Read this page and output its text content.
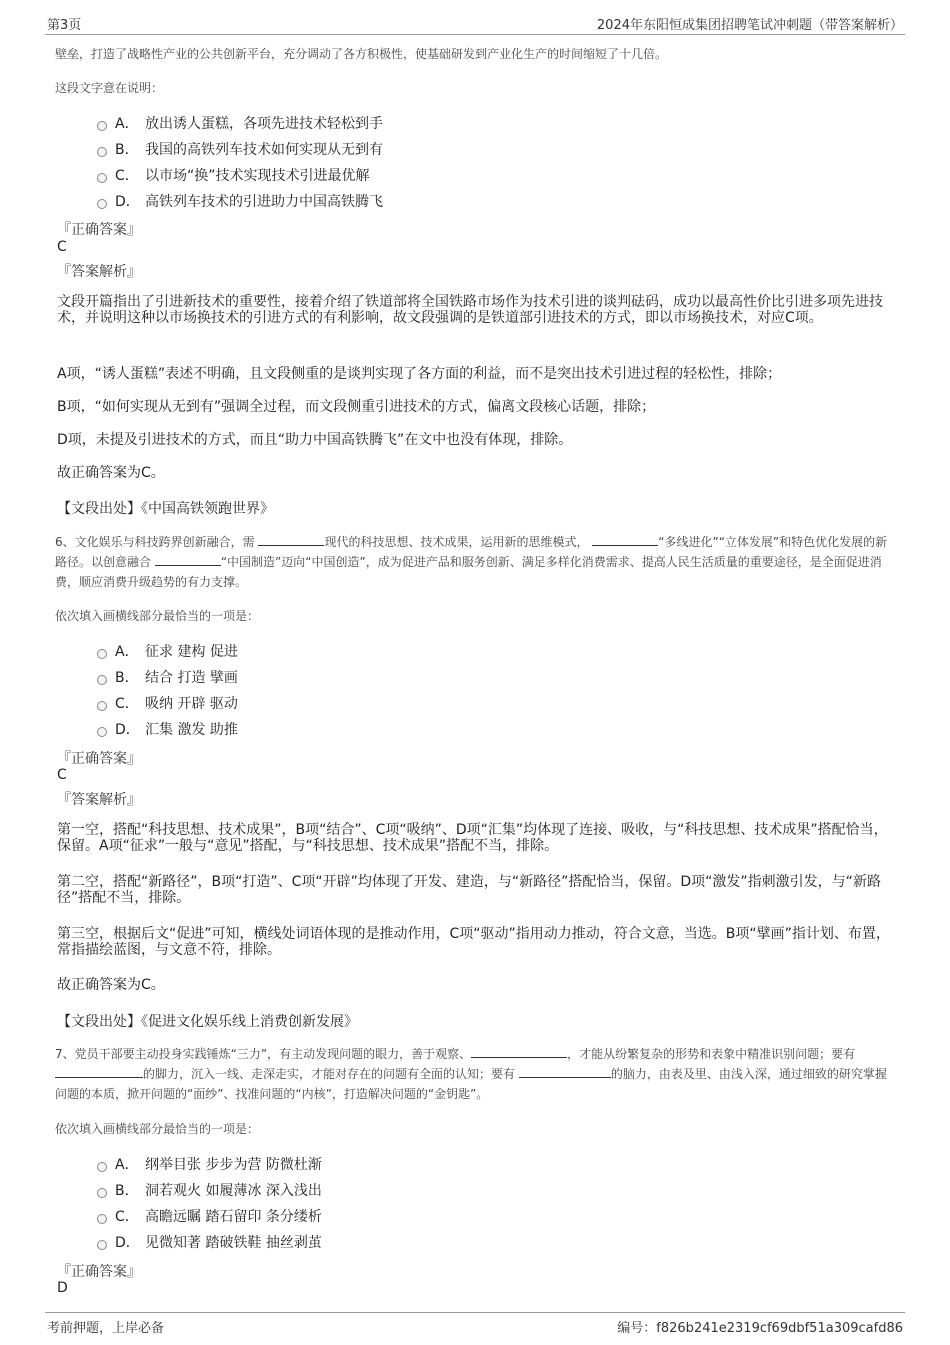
第3页	2024年东阳恒成集团招聘笔试冲刺题（带答案解析）
壁垒，打造了战略性产业的公共创新平台，充分调动了各方积极性，使基础研发到产业化生产的时间缩短了十几倍。
这段文字意在说明：
A． 放出诱人蛋糕，各项先进技术轻松到手
B． 我国的高铁列车技术如何实现从无到有
C． 以市场“换”技术实现技术引进最优解
D． 高铁列车技术的引进助力中国高铁腾飞
『正确答案』
C
『答案解析』
文段开篇指出了引进新技术的重要性，接着介绍了铁道部将全国铁路市场作为技术引进的谈判砝码，成功以最高性价比引进多项先进技术，并说明这种以市场换技术的引进方式的有利影响，故文段强调的是铁道部引进技术的方式，即以市场换技术，对应C项。
A项，“诱人蛋糕”表述不明确，且文段侧重的是谈判实现了各方面的利益，而不是突出技术引进过程的轻松性，排除；
B项，“如何实现从无到有”强调全过程，而文段侧重引进技术的方式，偏离文段核心话题，排除；
D项，未提及引进技术的方式，而且“助力中国高铁腾飞”在文中也没有体现，排除。
故正确答案为C。
【文段出处】《中国高铁领跑世界》
6、文化娱乐与科技跨界创新融合，需	现代的科技思想、技术成果，运用新的思维模式，	“多线进化”“立体发展”和特色优化发展的新路径。以创意融合	“中国制造”迈向“中国创造”，成为促进产品和服务创新、满足多样化消费需求、提高人民生活质量的重要途径，是全面促进消费，顺应消费升级趋势的有力支撑。
依次填入画横线部分最恰当的一项是：
A． 征求 建构 促进
B． 结合 打造 擘画
C． 吸纳 开辟 驱动
D． 汇集 激发 助推
『正确答案』
C
『答案解析』
第一空，搭配“科技思想、技术成果”，B项“结合”、C项“吸纳”、D项“汇集”均体现了连接、吸收，与“科技思想、技术成果”搭配恰当，保留。A项“征求”一般与“意见”搭配，与“科技思想、技术成果”搭配不当，排除。
第二空，搭配“新路径”，B项“打造”、C项“开辟”均体现了开发、建造，与“新路径”搭配恰当，保留。D项“激发”指刺激引发，与“新路径”搭配不当，排除。
第三空，根据后文“促进”可知，横线处词语体现的是推动作用，C项“驱动”指用动力推动，符合文意，当选。B项“擘画”指计划、布置，常指描绘蓝图，与文意不符，排除。
故正确答案为C。
【文段出处】《促进文化娱乐线上消费创新发展》
7、党员干部要主动投身实践锤炼“三力”，有主动发现问题的眼力，善于观察、	，才能从纷繁复杂的形势和表象中精准识别问题；要有 的脚力，沉入一线、走深走实，才能对存在的问题有全面的认知；要有	的脑力，由表及里、由浅入深，通过细致的研究掌握问题的本质，掀开问题的“面纱”、找准问题的“内核”，打造解决问题的“金钥匙”。
依次填入画横线部分最恰当的一项是：
A． 纲举目张 步步为营 防微杜渐
B． 洞若观火 如履薄冰 深入浅出
C． 高瞻远瞩 踏石留印 条分缕析
D． 见微知著 踏破铁鞋 抽丝剥茧
『正确答案』
D
考前押题，上岸必备	编号：f826b241e2319cf69dbf51a309cafd86
